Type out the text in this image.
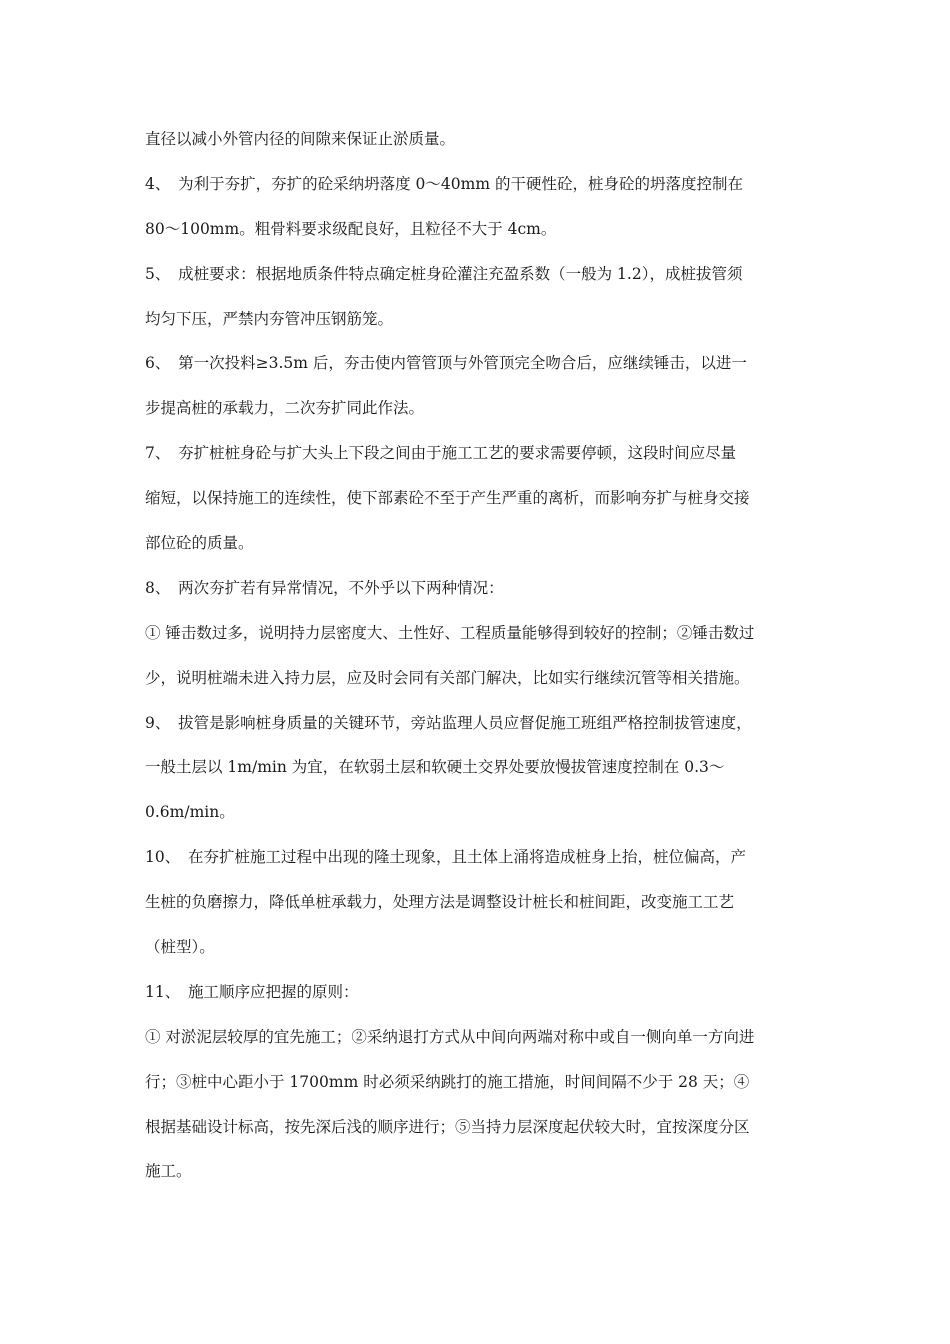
直径以减小外管内径的间隙来保证止淤质量。
4、　为利于夯扩，夯扩的砼采纳坍落度 0～40mm 的干硬性砼，桩身砼的坍落度控制在
80～100mm。粗骨料要求级配良好，且粒径不大于 4cm。
5、　成桩要求：根据地质条件特点确定桩身砼灌注充盈系数（一般为 1.2），成桩拔管须
均匀下压，严禁内夯管冲压钢筋笼。
6、　第一次投料≥3.5m 后，夯击使内管管顶与外管顶完全吻合后，应继续锤击，以进一
步提高桩的承载力，二次夯扩同此作法。
7、　夯扩桩桩身砼与扩大头上下段之间由于施工工艺的要求需要停顿，这段时间应尽量
缩短，以保持施工的连续性，使下部素砼不至于产生严重的离析，而影响夯扩与桩身交接
部位砼的质量。
8、　两次夯扩若有异常情况，不外乎以下两种情况：
① 锤击数过多，说明持力层密度大、土性好、工程质量能够得到较好的控制；②锤击数过
少，说明桩端未进入持力层，应及时会同有关部门解决，比如实行继续沉管等相关措施。
9、　拔管是影响桩身质量的关键环节，旁站监理人员应督促施工班组严格控制拔管速度，
一般土层以 1m/min 为宜，在软弱土层和软硬土交界处要放慢拔管速度控制在 0.3～
0.6m/min。
10、　在夯扩桩施工过程中出现的隆土现象，且土体上涌将造成桩身上抬，桩位偏高，产
生桩的负磨擦力，降低单桩承载力，处理方法是调整设计桩长和桩间距，改变施工工艺
（桩型）。
11、　施工顺序应把握的原则：
① 对淤泥层较厚的宜先施工；②采纳退打方式从中间向两端对称中或自一侧向单一方向进
行；③桩中心距小于 1700mm 时必须采纳跳打的施工措施，时间间隔不少于 28 天；④
根据基础设计标高，按先深后浅的顺序进行；⑤当持力层深度起伏较大时，宜按深度分区
施工。
